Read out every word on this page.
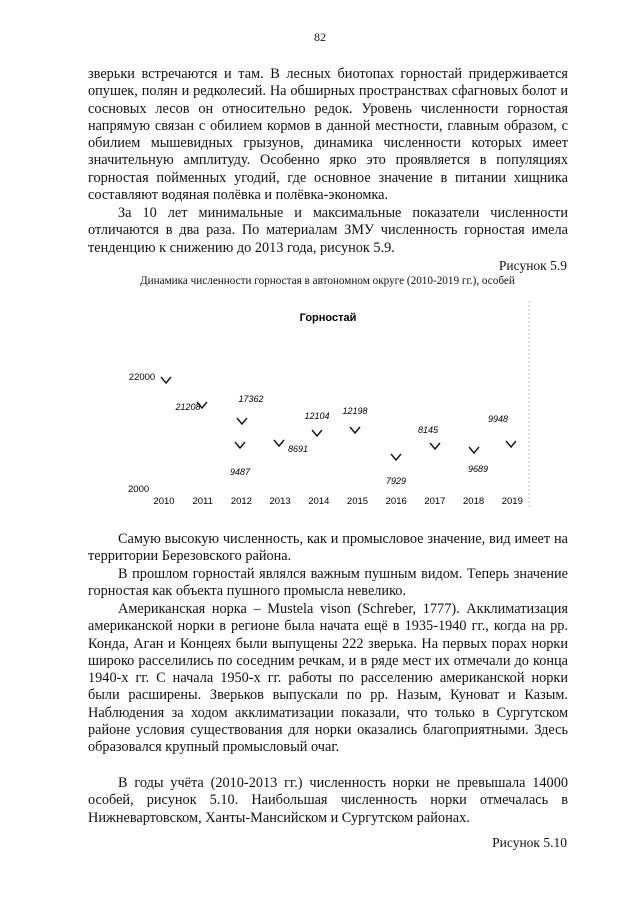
82

зверьки встречаются и там. В лесных биотопах горностай придерживается опушек, полян и редколесий. На обширных пространствах сфагновых болот и сосновых лесов он относительно редок. Уровень численности горностая напрямую связан с обилием кормов в данной местности, главным образом, с обилием мышевидных грызунов, динамика численности которых имеет значительную амплитуду. Особенно ярко это проявляется в популяциях горностая пойменных угодий, где основное значение в питании хищника составляют водяная полёвка и полёвка-экономка.

За 10 лет минимальные и максимальные показатели численности отличаются в два раза. По материалам ЗМУ численность горностая имела тенденцию к снижению до 2013 года, рисунок 5.9.

Рисунок 5.9
Динамика численности горностая в автономном округе (2010-2019 гг.), особей
Горностай
2000
2010 2011 2012 2013 2014 2015 2016 2017 2018 2019
22000
21208
17362
9487
8691
12104 12198
7929
8145
9689
9948

Самую высокую численность, как и промысловое значение, вид имеет на территории Березовского района.

В прошлом горностай являлся важным пушным видом. Теперь значение горностая как объекта пушного промысла невелико.

Американская норка – Mustela vison (Schreber, 1777). Акклиматизация американской норки в регионе была начата ещё в 1935-1940 гг., когда на рр. Конда, Аган и Концеях были выпущены 222 зверька. На первых порах норки широко расселились по соседним речкам, и в ряде мест их отмечали до конца 1940-х гг. С начала 1950-х гг. работы по расселению американской норки были расширены. Зверьков выпускали по рр. Назым, Куноват и Казым. Наблюдения за ходом акклиматизации показали, что только в Сургутском районе условия существования для норки оказались благоприятными. Здесь образовался крупный промысловый очаг.

В годы учёта (2010-2013 гг.) численность норки не превышала 14000 особей, рисунок 5.10. Наибольшая численность норки отмечалась в Нижневартовском, Ханты-Мансийском и Сургутском районах.

Рисунок 5.10
